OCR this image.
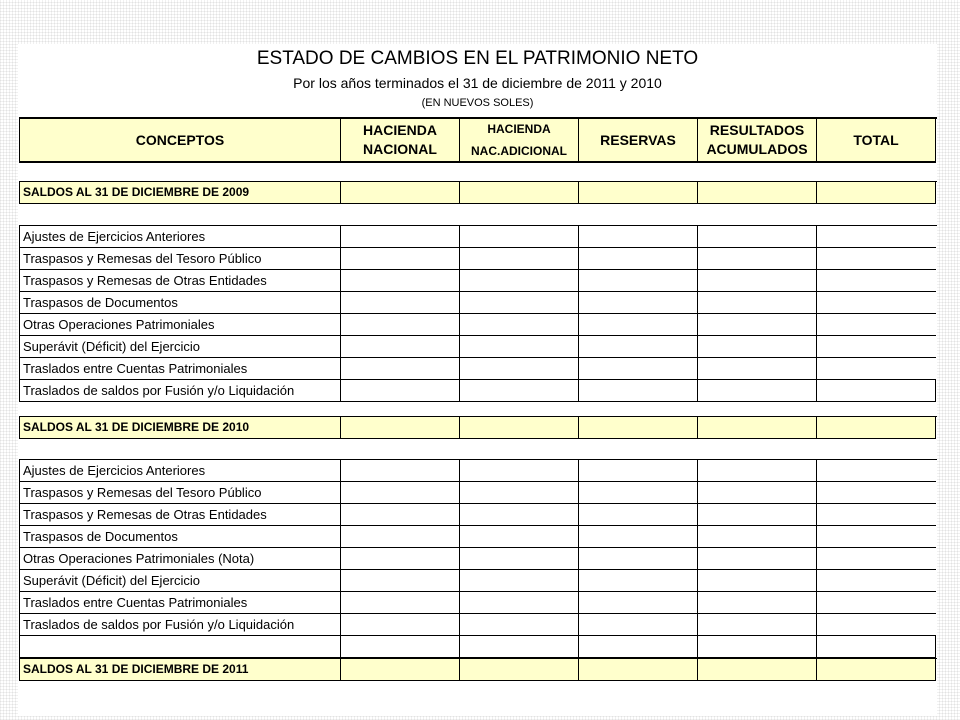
ESTADO DE CAMBIOS EN EL PATRIMONIO NETO
Por los años terminados el 31 de diciembre de 2011 y 2010
(EN NUEVOS SOLES)
CONCEPTOS
HACIENDA
NACIONAL
HACIENDA
NAC.ADICIONAL
RESERVAS
RESULTADOS
ACUMULADOS
TOTAL
SALDOS AL 31 DE DICIEMBRE DE 2009
Ajustes de Ejercicios Anteriores
Traspasos y Remesas del Tesoro Público
Traspasos y Remesas de Otras Entidades
Traspasos de Documentos
Otras Operaciones Patrimoniales
Superávit (Déficit) del Ejercicio
Traslados entre Cuentas Patrimoniales
Traslados de saldos por Fusión y/o Liquidación
SALDOS AL 31 DE DICIEMBRE DE 2010
Ajustes de Ejercicios Anteriores
Traspasos y Remesas del Tesoro Público
Traspasos y Remesas de Otras Entidades
Traspasos de Documentos
Otras Operaciones Patrimoniales (Nota)
Superávit (Déficit) del Ejercicio
Traslados entre Cuentas Patrimoniales
Traslados de saldos por Fusión y/o Liquidación
SALDOS AL 31 DE DICIEMBRE DE 2011
